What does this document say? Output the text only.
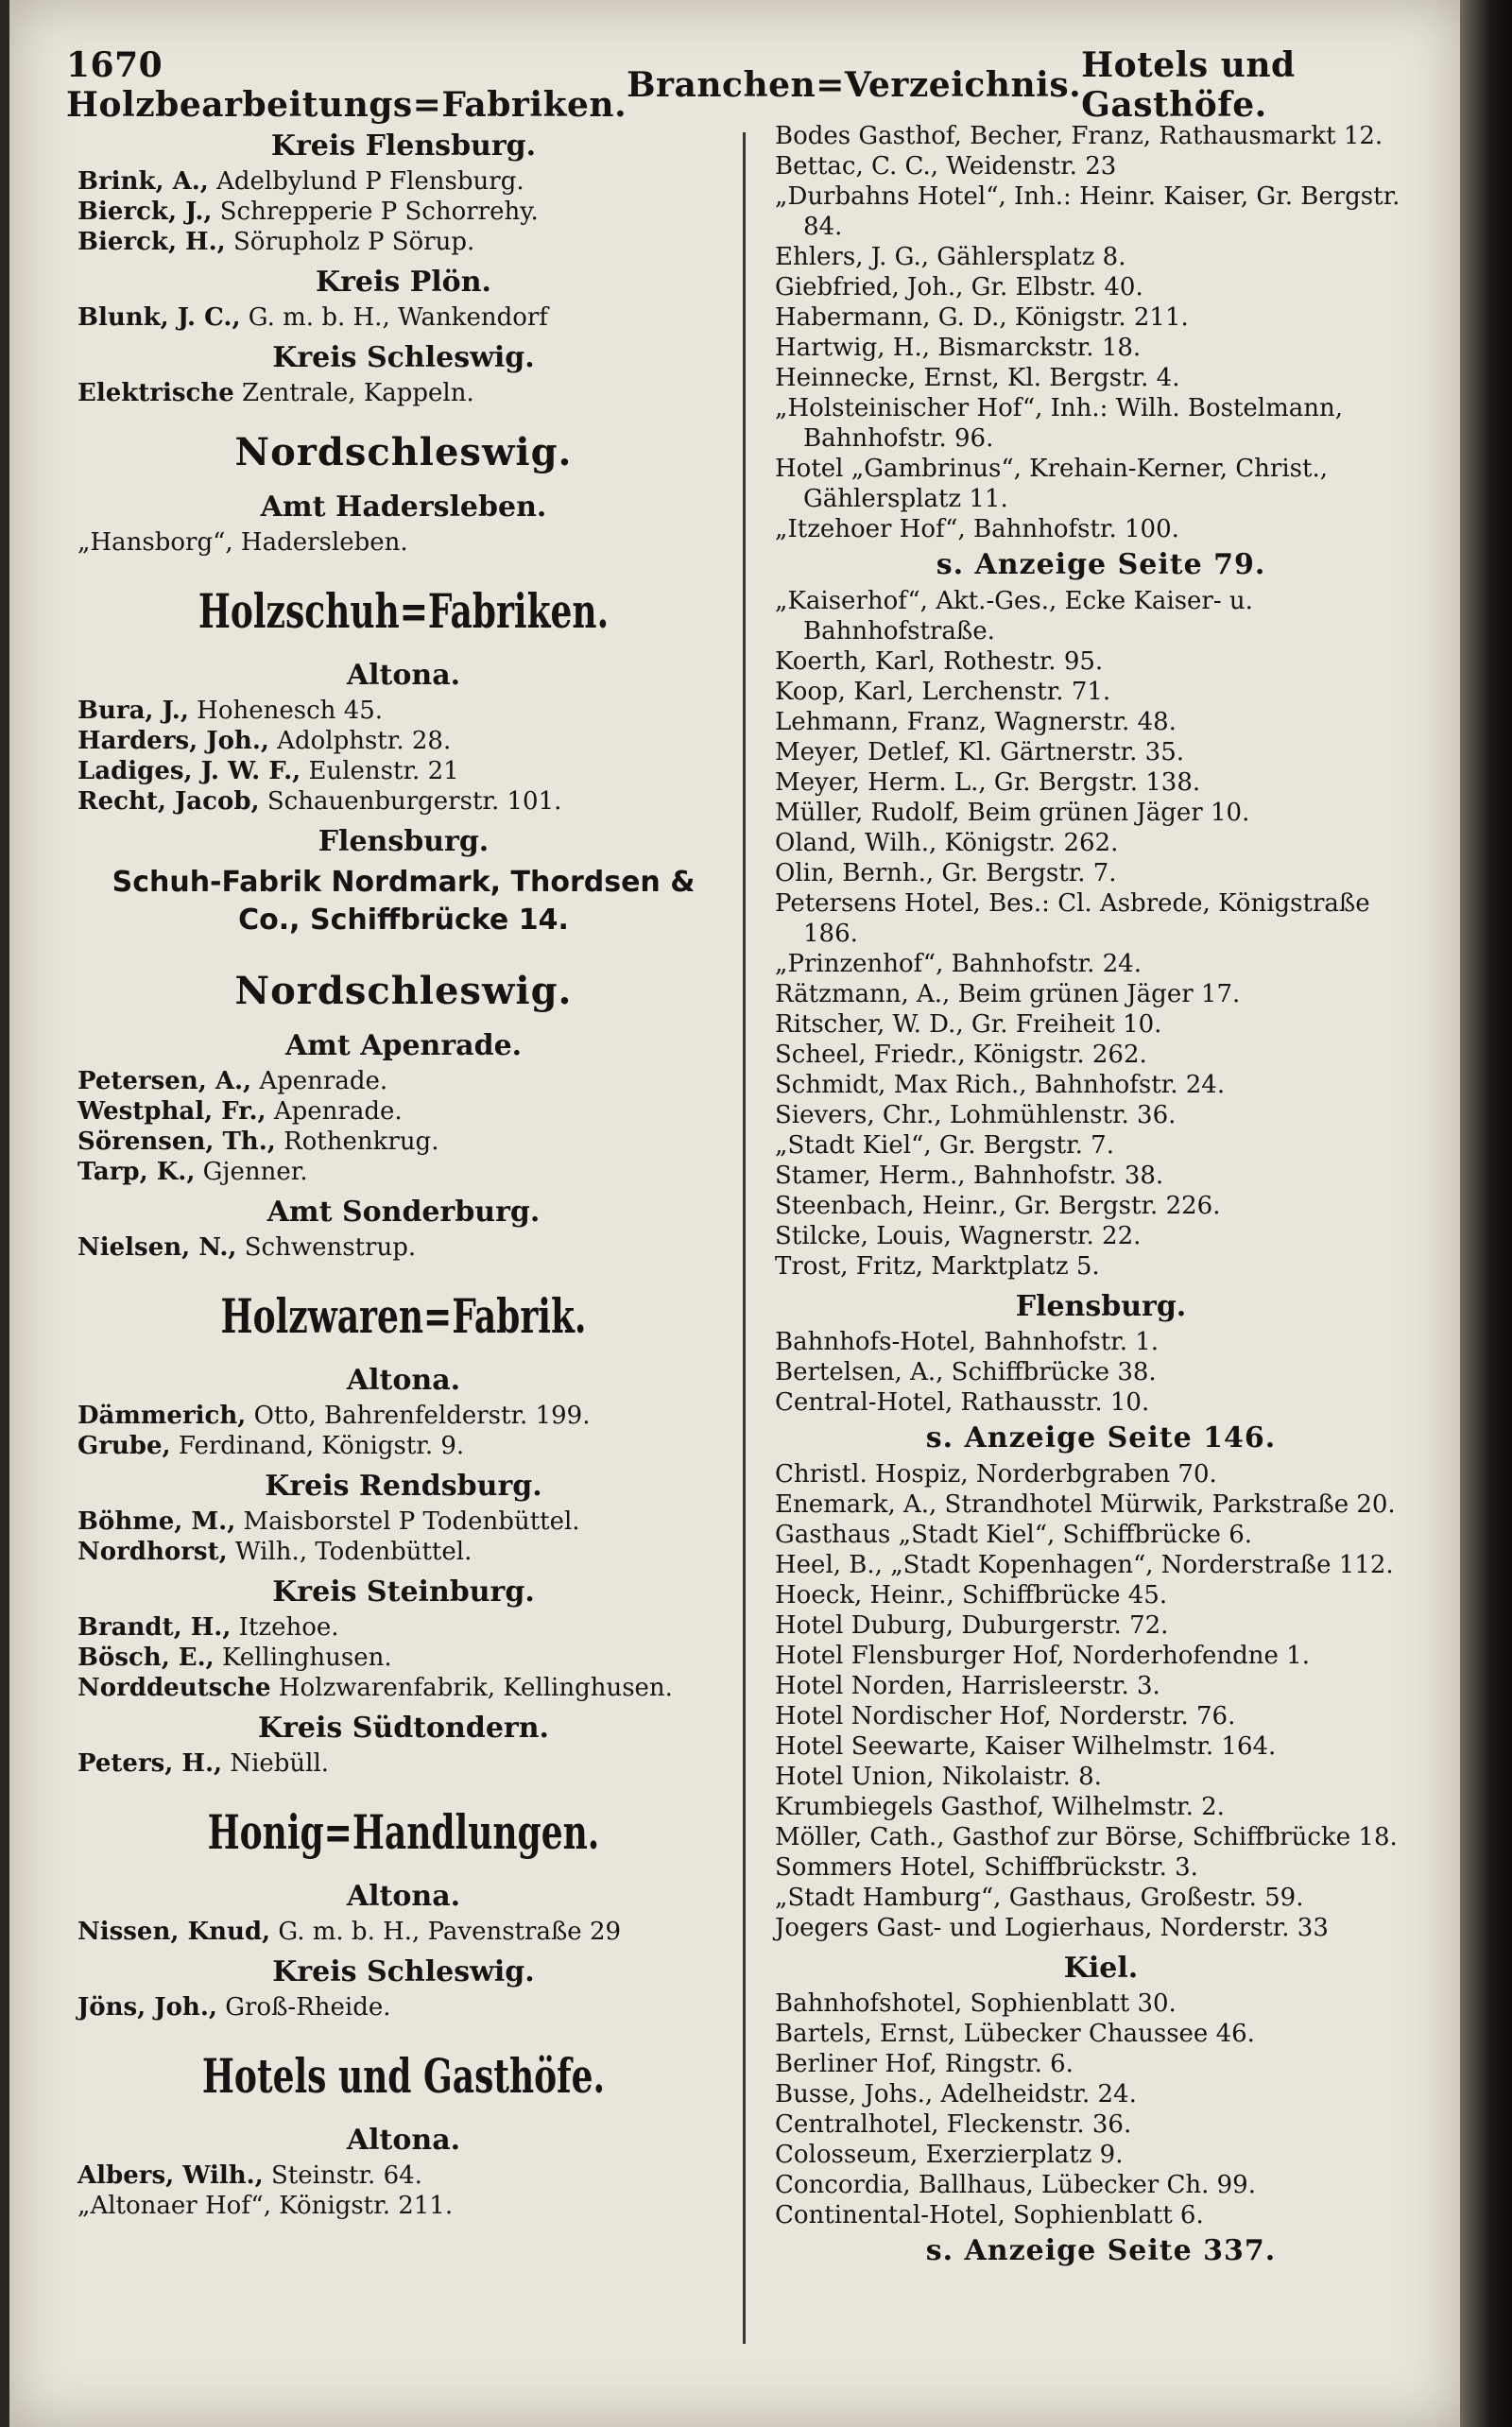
1670 Holzbearbeitungs=Fabriken. Branchen=Verzeichnis. Hotels und Gasthöfe.
Kreis Flensburg.
Brink, A., Adelbylund P Flensburg.
Bierck, J., Schrepperie P Schorrehy.
Bierck, H., Sörupholz P Sörup.
Kreis Plön.
Blunk, J. C., G. m. b. H., Wankendorf
Kreis Schleswig.
Elektrische Zentrale, Kappeln.
Nordschleswig.
Amt Hadersleben.
„Hansborg“, Hadersleben.
Holzschuh=Fabriken.
Altona.
Bura, J., Hohenesch 45.
Harders, Joh., Adolphstr. 28.
Ladiges, J. W. F., Eulenstr. 21
Recht, Jacob, Schauenburgerstr. 101.
Flensburg.
Schuh-Fabrik Nordmark, Thordsen & Co., Schiffbrücke 14.
Nordschleswig.
Amt Apenrade.
Petersen, A., Apenrade.
Westphal, Fr., Apenrade.
Sörensen, Th., Rothenkrug.
Tarp, K., Gjenner.
Amt Sonderburg.
Nielsen, N., Schwenstrup.
Holzwaren=Fabrik.
Altona.
Dämmerich, Otto, Bahrenfelderstr. 199.
Grube, Ferdinand, Königstr. 9.
Kreis Rendsburg.
Böhme, M., Maisborstel P Todenbüttel.
Nordhorst, Wilh., Todenbüttel.
Kreis Steinburg.
Brandt, H., Itzehoe.
Bösch, E., Kellinghusen.
Norddeutsche Holzwarenfabrik, Kellinghusen.
Kreis Südtondern.
Peters, H., Niebüll.
Honig=Handlungen.
Altona.
Nissen, Knud, G. m. b. H., Pavenstraße 29
Kreis Schleswig.
Jöns, Joh., Groß-Rheide.
Hotels und Gasthöfe.
Altona.
Albers, Wilh., Steinstr. 64.
„Altonaer Hof“, Königstr. 211.
Bodes Gasthof, Becher, Franz, Rathausmarkt 12.
Bettac, C. C., Weidenstr. 23
„Durbahns Hotel“, Inh.: Heinr. Kaiser, Gr. Bergstr. 84.
Ehlers, J. G., Gählersplatz 8.
Giebfried, Joh., Gr. Elbstr. 40.
Habermann, G. D., Königstr. 211.
Hartwig, H., Bismarckstr. 18.
Heinnecke, Ernst, Kl. Bergstr. 4.
„Holsteinischer Hof“, Inh.: Wilh. Bostelmann, Bahnhofstr. 96.
Hotel „Gambrinus“, Krehain-Kerner, Christ., Gählersplatz 11.
„Itzehoer Hof“, Bahnhofstr. 100.
s. Anzeige Seite 79.
„Kaiserhof“, Akt.-Ges., Ecke Kaiser- u. Bahnhofstraße.
Koerth, Karl, Rothestr. 95.
Koop, Karl, Lerchenstr. 71.
Lehmann, Franz, Wagnerstr. 48.
Meyer, Detlef, Kl. Gärtnerstr. 35.
Meyer, Herm. L., Gr. Bergstr. 138.
Müller, Rudolf, Beim grünen Jäger 10.
Oland, Wilh., Königstr. 262.
Olin, Bernh., Gr. Bergstr. 7.
Petersens Hotel, Bes.: Cl. Asbrede, Königstraße 186.
„Prinzenhof“, Bahnhofstr. 24.
Rätzmann, A., Beim grünen Jäger 17.
Ritscher, W. D., Gr. Freiheit 10.
Scheel, Friedr., Königstr. 262.
Schmidt, Max Rich., Bahnhofstr. 24.
Sievers, Chr., Lohmühlenstr. 36.
„Stadt Kiel“, Gr. Bergstr. 7.
Stamer, Herm., Bahnhofstr. 38.
Steenbach, Heinr., Gr. Bergstr. 226.
Stilcke, Louis, Wagnerstr. 22.
Trost, Fritz, Marktplatz 5.
Flensburg.
Bahnhofs-Hotel, Bahnhofstr. 1.
Bertelsen, A., Schiffbrücke 38.
Central-Hotel, Rathausstr. 10.
s. Anzeige Seite 146.
Christl. Hospiz, Norderbgraben 70.
Enemark, A., Strandhotel Mürwik, Parkstraße 20.
Gasthaus „Stadt Kiel“, Schiffbrücke 6.
Heel, B., „Stadt Kopenhagen“, Norderstraße 112.
Hoeck, Heinr., Schiffbrücke 45.
Hotel Duburg, Duburgerstr. 72.
Hotel Flensburger Hof, Norderhofendne 1.
Hotel Norden, Harrisleerstr. 3.
Hotel Nordischer Hof, Norderstr. 76.
Hotel Seewarte, Kaiser Wilhelmstr. 164.
Hotel Union, Nikolaistr. 8.
Krumbiegels Gasthof, Wilhelmstr. 2.
Möller, Cath., Gasthof zur Börse, Schiffbrücke 18.
Sommers Hotel, Schiffbrückstr. 3.
„Stadt Hamburg“, Gasthaus, Großestr. 59.
Joegers Gast- und Logierhaus, Norderstr. 33
Kiel.
Bahnhofshotel, Sophienblatt 30.
Bartels, Ernst, Lübecker Chaussee 46.
Berliner Hof, Ringstr. 6.
Busse, Johs., Adelheidstr. 24.
Centralhotel, Fleckenstr. 36.
Colosseum, Exerzierplatz 9.
Concordia, Ballhaus, Lübecker Ch. 99.
Continental-Hotel, Sophienblatt 6.
s. Anzeige Seite 337.
